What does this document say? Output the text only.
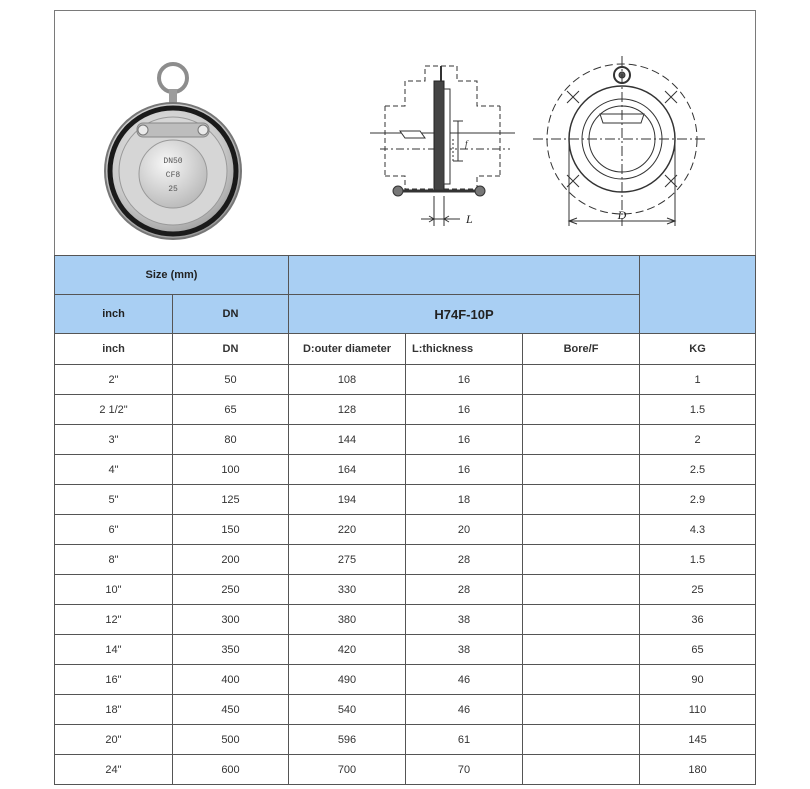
DN50
CF8
25
L
f
D
Size (mm)					
inch	DN	H74F-10P			
inch	DN	D:outer diameter	L:thickness	Bore/F	KG
2"	50	108	16		1
2 1/2"	65	128	16		1.5
3"	80	144	16		2
4"	100	164	16		2.5
5"	125	194	18		2.9
6"	150	220	20		4.3
8"	200	275	28		1.5
10"	250	330	28		25
12"	300	380	38		36
14"	350	420	38		65
16"	400	490	46		90
18"	450	540	46		110
20"	500	596	61		145
24"	600	700	70		180
